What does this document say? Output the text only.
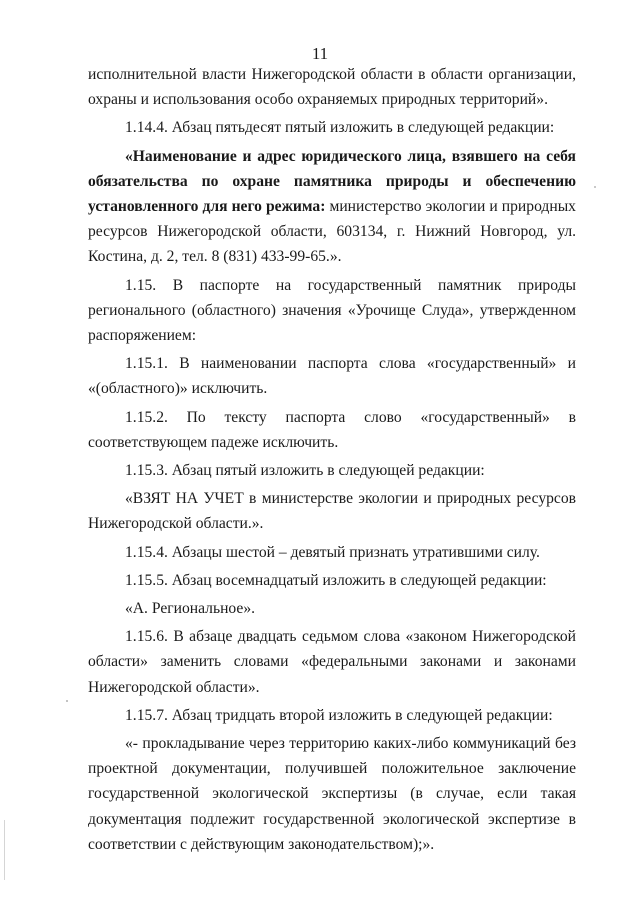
11
исполнительной власти Нижегородской области в области организации,
охраны и использования особо охраняемых природных территорий».
1.14.4. Абзац пятьдесят пятый изложить в следующей редакции:
«Наименование и адрес юридического лица, взявшего на себя
обязательства по охране памятника природы и обеспечению
установленного для него режима: министерство экологии и природных
ресурсов Нижегородской области, 603134, г. Нижний Новгород, ул.
Костина, д. 2, тел. 8 (831) 433-99-65.».
1.15. В паспорте на государственный памятник природы
регионального (областного) значения «Урочище Слуда», утвержденном
распоряжением:
1.15.1. В наименовании паспорта слова «государственный» и
«(областного)» исключить.
1.15.2. По тексту паспорта слово «государственный» в
соответствующем падеже исключить.
1.15.3. Абзац пятый изложить в следующей редакции:
«ВЗЯТ НА УЧЕТ в министерстве экологии и природных ресурсов
Нижегородской области.».
1.15.4. Абзацы шестой – девятый признать утратившими силу.
1.15.5. Абзац восемнадцатый изложить в следующей редакции:
«А. Региональное».
1.15.6. В абзаце двадцать седьмом слова «законом Нижегородской
области» заменить словами «федеральными законами и законами
Нижегородской области».
1.15.7. Абзац тридцать второй изложить в следующей редакции:
«- прокладывание через территорию каких-либо коммуникаций без
проектной документации, получившей положительное заключение
государственной экологической экспертизы (в случае, если такая
документация подлежит государственной экологической экспертизе в
соответствии с действующим законодательством);».
